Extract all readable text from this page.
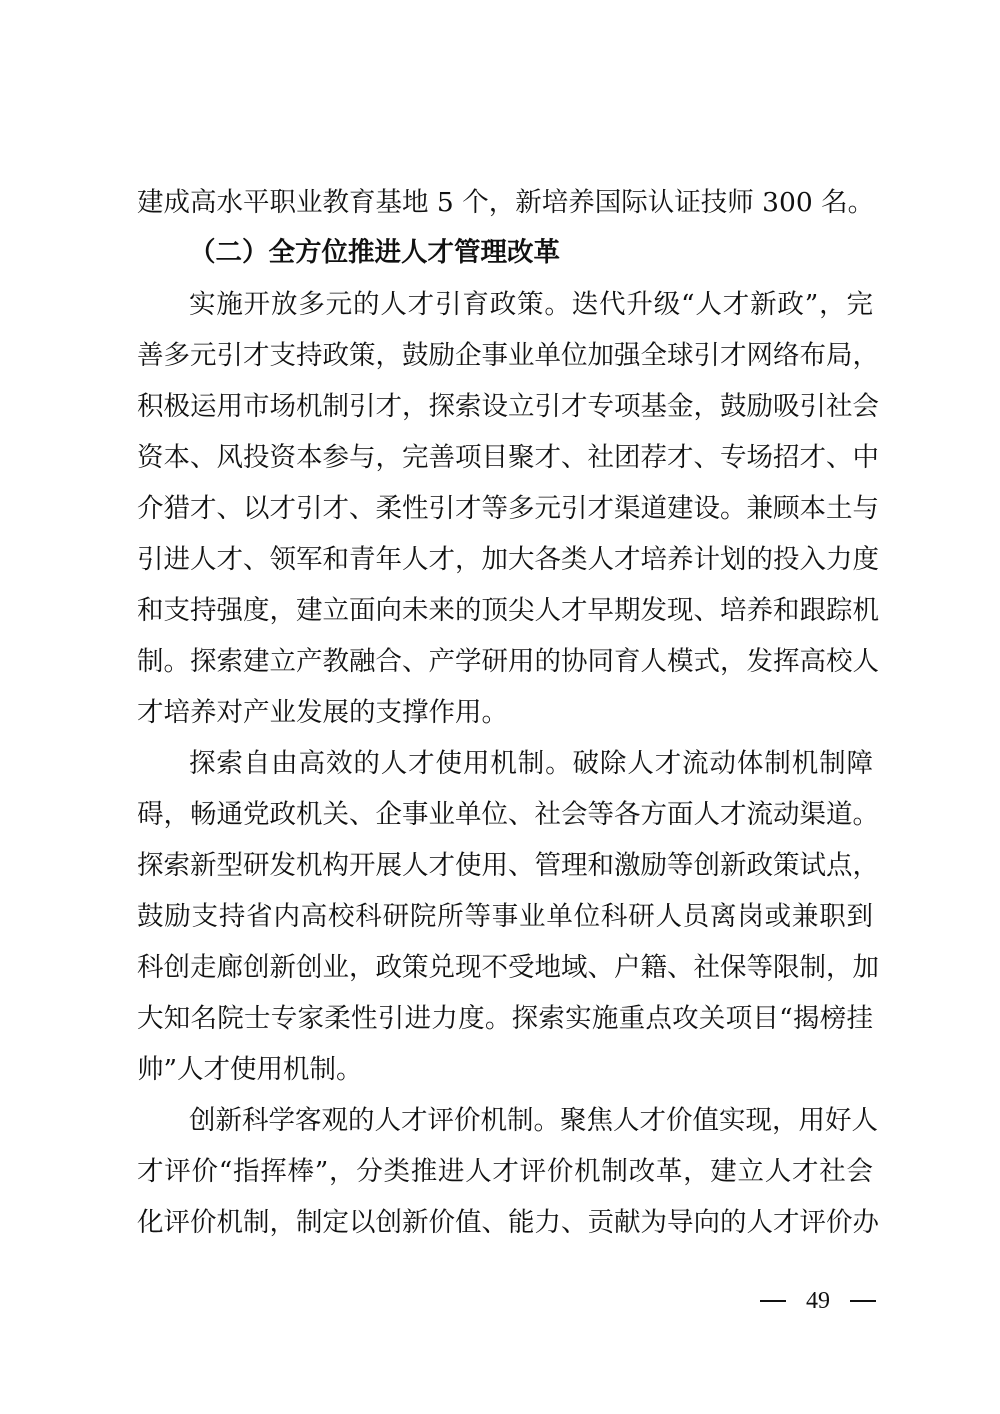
建成高水平职业教育基地 5 个，新培养国际认证技师 300 名。
（二）全方位推进人才管理改革
实施开放多元的人才引育政策。迭代升级“人才新政”，完
善多元引才支持政策，鼓励企事业单位加强全球引才网络布局，
积极运用市场机制引才，探索设立引才专项基金，鼓励吸引社会
资本、风投资本参与，完善项目聚才、社团荐才、专场招才、中
介猎才、以才引才、柔性引才等多元引才渠道建设。兼顾本土与
引进人才、领军和青年人才，加大各类人才培养计划的投入力度
和支持强度，建立面向未来的顶尖人才早期发现、培养和跟踪机
制。探索建立产教融合、产学研用的协同育人模式，发挥高校人
才培养对产业发展的支撑作用。
探索自由高效的人才使用机制。破除人才流动体制机制障
碍，畅通党政机关、企事业单位、社会等各方面人才流动渠道。
探索新型研发机构开展人才使用、管理和激励等创新政策试点，
鼓励支持省内高校科研院所等事业单位科研人员离岗或兼职到
科创走廊创新创业，政策兑现不受地域、户籍、社保等限制，加
大知名院士专家柔性引进力度。探索实施重点攻关项目“揭榜挂
帅”人才使用机制。
创新科学客观的人才评价机制。聚焦人才价值实现，用好人
才评价“指挥棒”，分类推进人才评价机制改革，建立人才社会
化评价机制，制定以创新价值、能力、贡献为导向的人才评价办
49
